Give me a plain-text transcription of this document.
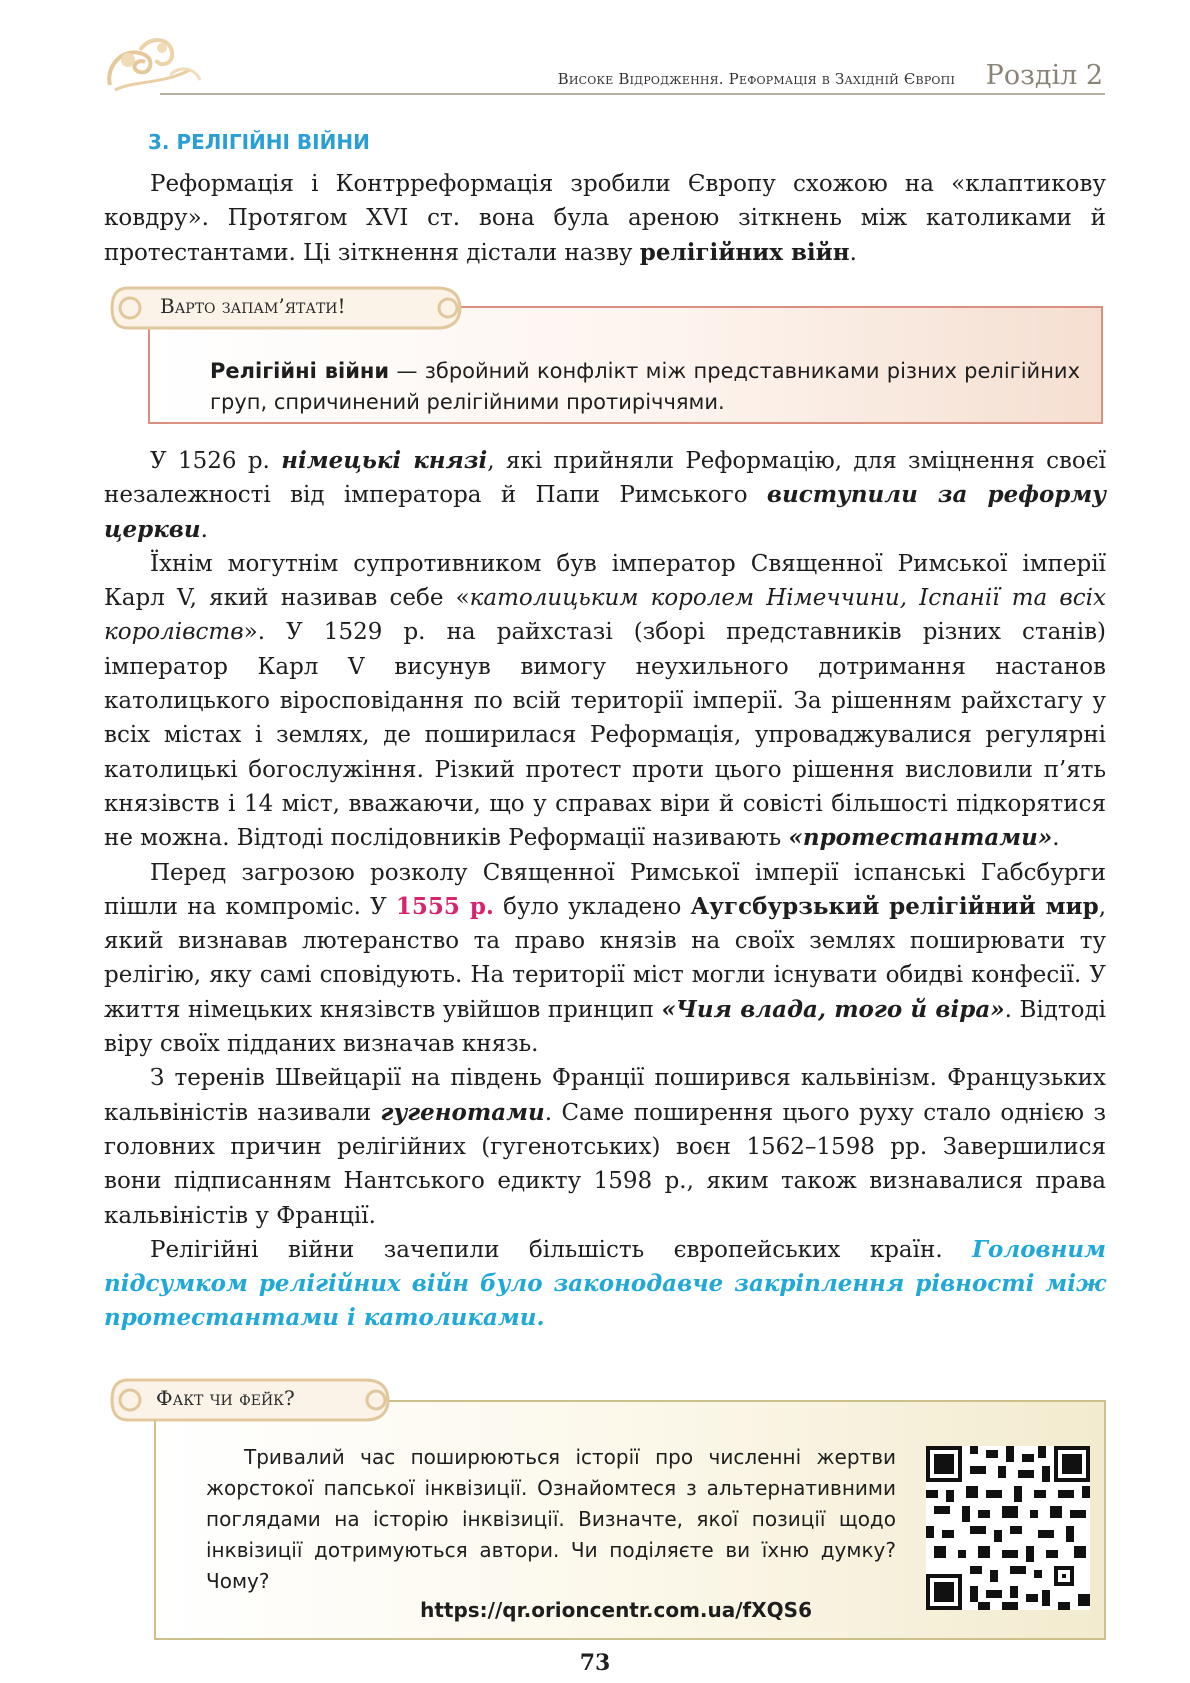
Високе Відродження. Реформація в Західній Європі Розділ 2
3. РЕЛІГІЙНІ ВІЙНИ

Реформація і Контрреформація зробили Європу схожою на «клаптикову ковдру». Протягом XVI ст. вона була ареною зіткнень між католиками й протестантами. Ці зіткнення дістали назву релігійних війн.

Релігійні війни — збройний конфлікт між представниками різних релігійних груп, спричинений релігійними протиріччями.
Варто запам’ятати!

У 1526 р. німецькі князі, які прийняли Реформацію, для зміцнення своєї незалежності від імператора й Папи Римського виступили за реформу церкви.

Їхнім могутнім супротивником був імператор Священної Римської імперії Карл V, який називав себе «католицьким королем Німеччини, Іспанії та всіх королівств». У 1529 р. на райхстазі (зборі представників різних станів) імператор Карл V висунув вимогу неухильного дотримання настанов католицького віросповідання по всій території імперії. За рішенням райхстагу у всіх містах і землях, де поширилася Реформація, упроваджувалися регулярні католицькі богослужіння. Різкий протест проти цього рішення висловили п’ять князівств і 14 міст, вважаючи, що у справах віри й совісті більшості підкорятися не можна. Відтоді послідовників Реформації називають «протестантами».

Перед загрозою розколу Священної Римської імперії іспанські Габсбурги пішли на компроміс. У 1555 р. було укладено Аугсбурзький релігійний мир, який визнавав лютеранство та право князів на своїх землях поширювати ту релігію, яку самі сповідують. На території міст могли існувати обидві конфесії. У життя німецьких князівств увійшов принцип «Чия влада, того й віра». Відтоді віру своїх підданих визначав князь.

З теренів Швейцарії на південь Франції поширився кальвінізм. Французьких кальвіністів називали гугенотами. Саме поширення цього руху стало однією з головних причин релігійних (гугенотських) воєн 1562–1598 рр. Завершилися вони підписанням Нантського едикту 1598 р., яким також визнавалися права кальвіністів у Франції.

Релігійні війни зачепили більшість європейських країн. Головним підсумком релігійних війн було законодавче закріплення рівності між протестантами і католиками.

Тривалий час поширюються історії про численні жертви жорстокої папської інквізиції. Ознайомтеся з альтернативними поглядами на історію інквізиції. Визначте, якої позиції щодо інквізиції дотримуються автори. Чи поділяєте ви їхню думку? Чому?
https://qr.orioncentr.com.ua/fXQS6
Факт чи фейк?
73
